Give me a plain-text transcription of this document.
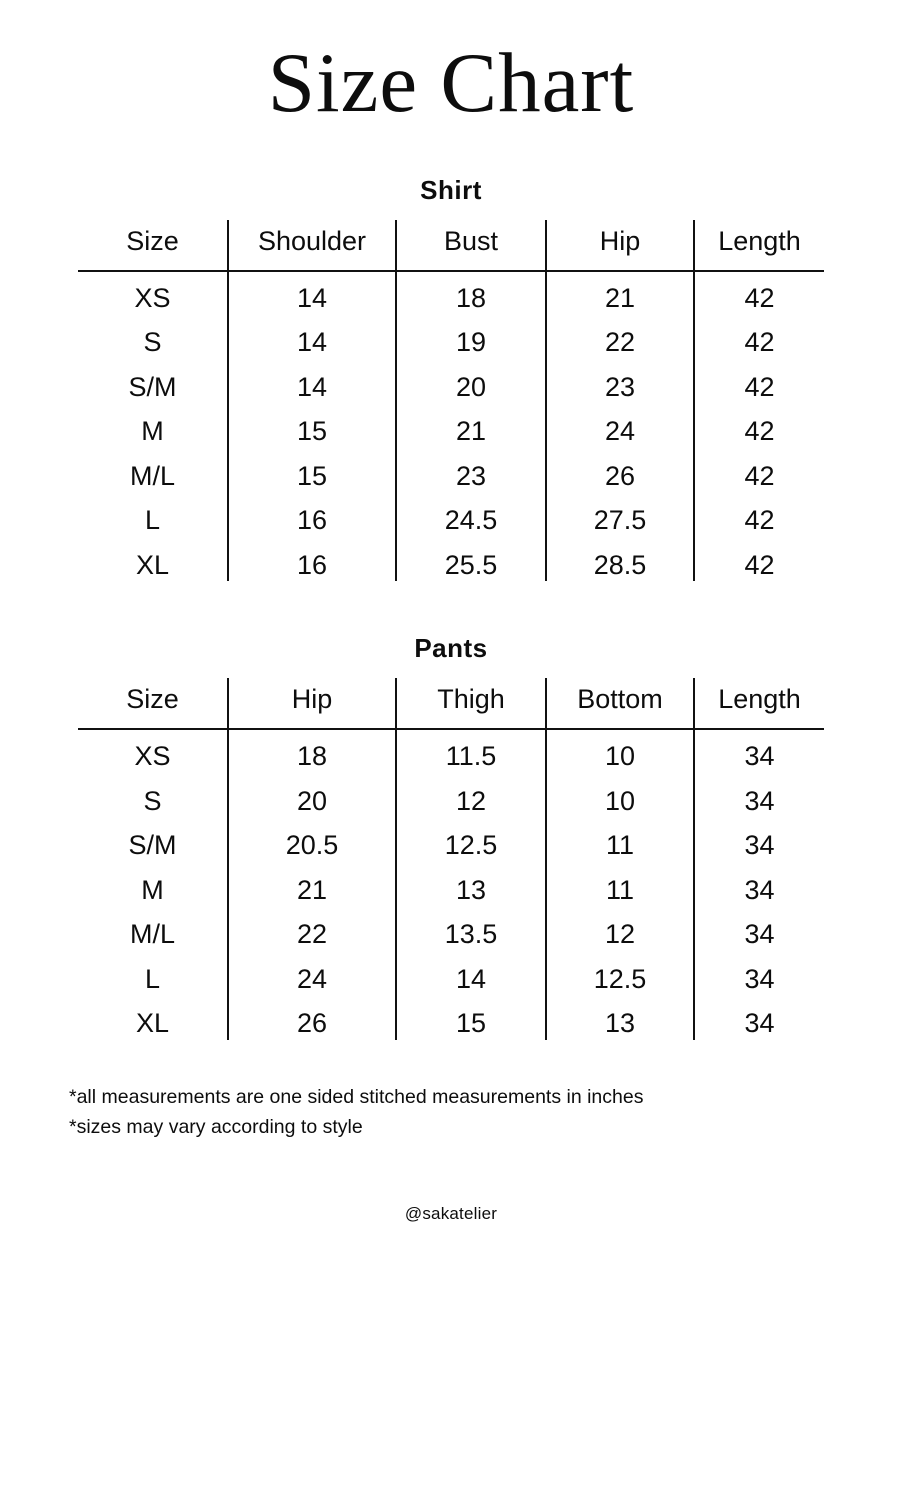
Size Chart
Shirt
Size	Shoulder	Bust	Hip	Length
XS	14	18	21	42
S	14	19	22	42
S/M	14	20	23	42
M	15	21	24	42
M/L	15	23	26	42
L	16	24.5	27.5	42
XL	16	25.5	28.5	42
Pants
Size	Hip	Thigh	Bottom	Length
XS	18	11.5	10	34
S	20	12	10	34
S/M	20.5	12.5	11	34
M	21	13	11	34
M/L	22	13.5	12	34
L	24	14	12.5	34
XL	26	15	13	34
*all measurements are one sided stitched measurements in inches
*sizes may vary according to style
@sakatelier
